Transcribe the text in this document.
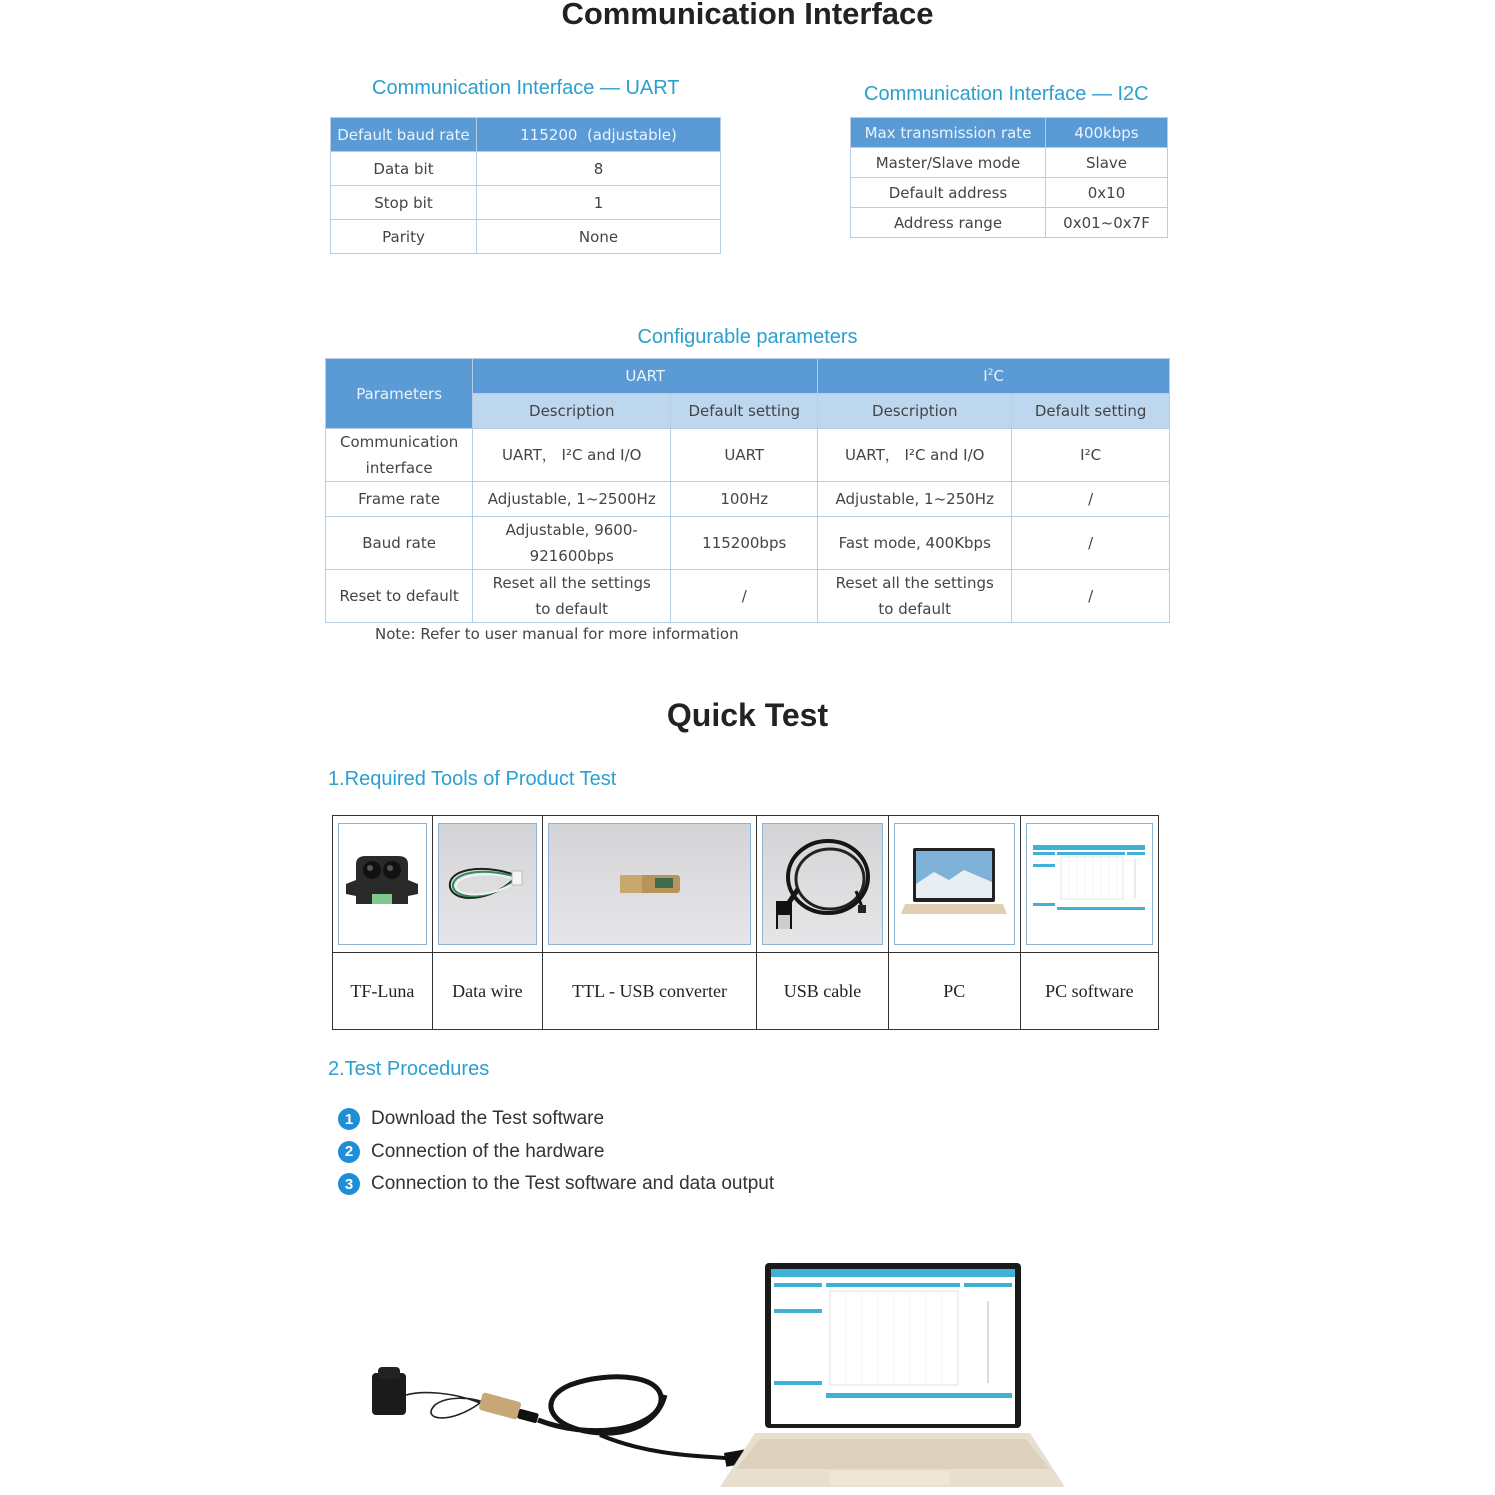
Communication Interface
Communication Interface — UART	Communication Interface — I2C
Default baud rate	115200  (adjustable)
Data bit	8
Stop bit	1
Parity	None
Max transmission rate	400kbps
Master/Slave mode	Slave
Default address	0x10
Address range	0x01~0x7F
Configurable parameters
Parameters	UART		$I^2C$	
	Description	Default setting	Description	Default setting
Communication interface	UART， I²C and I/O	UART	UART， I²C and I/O	I²C
Frame rate	Adjustable, 1~2500Hz	100Hz	Adjustable, 1~250Hz	/
Baud rate	Adjustable, 9600-921600bps	115200bps	Fast mode, 400Kbps	/
Reset to default	Reset all the settings to default	/	Reset all the settings to default	/
Note: Refer to user manual for more information
Quick Test
1.Required Tools of Product Test

TF-Luna	Data wire	TTL - USB converter	USB cable	PC	PC software
2.Test Procedures
1 Download the Test software
2 Connection of the hardware
3 Connection to the Test software and data output
